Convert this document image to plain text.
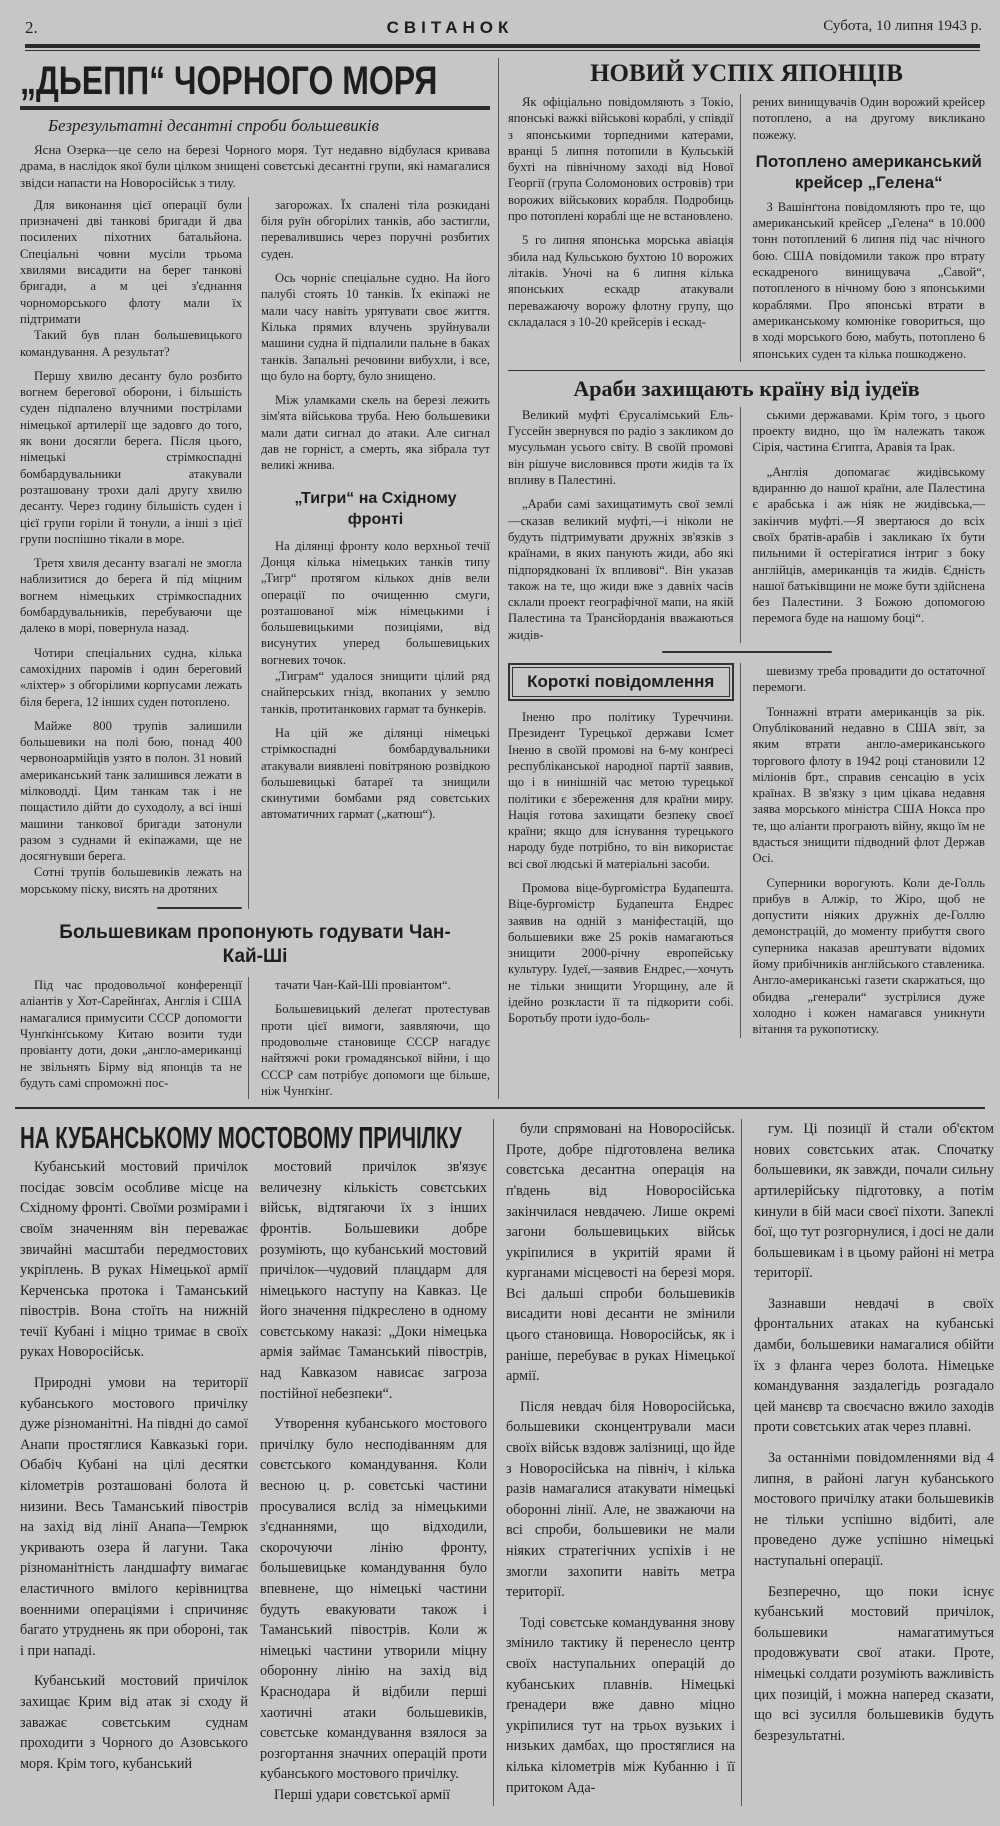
2.	СВІТАНОК	Субота, 10 липня 1943 р.
„ДЬЕПП“ ЧОРНОГО МОРЯ
Безрезультатні десантні спроби большевиків

Ясна Озерка—це село на березі Чорного моря. Тут недавно відбулася кривава драма, в наслідок якої були цілком знищені совєтські десантні групи, які намагалися звідси напасти на Новоросійськ з тилу.

Для виконання цієї операції були призначені дві танкові бригади й два посилених піхотних батальйона. Спеціальні човни мусіли трьома хвилями висадити на берег танкові бригади, а м цеі з'єднання чорноморського флоту мали їх підтримати

Такий був план большевицького командування. А результат?

Першу хвилю десанту було розбито вогнем берегової оборони, і більшість суден підпалено влучними пострілами німецької артилерії ще задовго до того, як вони досягли берега. Після цього, німецькі стрімкоспадні бомбардувальники атакували розташовану трохи далі другу хвилю десанту. Через годину більшість суден і цієї групи горіли й тонули, а інші з цієї групи поспішно тікали в море.

Третя хвиля десанту взагалі не змогла наблизитися до берега й під міцним вогнем німецьких стрімкоспадних бомбардувальників, перебуваючи ще далеко в морі, повернула назад.

Чотири спеціальних судна, кілька самохідних паромів і один береговий «ліхтер» з обгорілими корпусами лежать біля берега, 12 інших суден потоплено.

Майже 800 трупів залишили большевики на полі бою, понад 400 червоноармійців узято в полон. 31 новий американський танк залишився лежати в мілководді. Цим танкам так і не пощастило дійти до суходолу, а всі інші машини танкової бригади затонули разом з суднами й екіпажами, ще не досягнувши берега.

Сотні трупів большевиків лежать на морському піску, висять на дротяних

загорожах. Їх спалені тіла розкидані біля руїн обгорілих танків, або застигли, перевалившись через поручні розбитих суден.

Ось чорніє спеціальне судно. На його палубі стоять 10 танків. Їх екіпажі не мали часу навіть урятувати своє життя. Кілька прямих влучень зруйнували машини судна й підпалили пальне в баках танків. Запальні речовини вибухли, і все, що було на борту, було знищено.

Між уламками скель на березі лежить зім'ята військова труба. Нею большевики мали дати сигнал до атаки. Але сигнал дав не горніст, а смерть, яка зібрала тут великі жнива.

„Тигри“ на Східному фронті

На ділянці фронту коло верхньої течії Донця кілька німецьких танків типу „Тигр“ протягом кількох днів вели операції по очищенню смуги, розташованої між німецькими і большевицькими позиціями, від висунутих уперед большевицьких вогневих точок.

„Тиграм“ удалося знищити цілий ряд снайперських гнізд, вкопаних у землю танків, протитанкових гармат та бункерів.

На цій же ділянці німецькі стрімкоспадні бомбардувальники атакували виявлені повітряною розвідкою большевицькі батареї та знищили скинутими бомбами ряд совєтських автоматичних гармат („катюш“).

Большевикам пропонують годувати Чан-Кай-Ші

Під час продовольчої конференції аліантів у Хот-Сарейнґах, Англія і США намагалися примусити СССР допомогти Чунґкінґському Китаю возити туди провіанту доти, доки „англо-американці не звільнять Бірму від японців та не будуть самі спроможні пос-

тачати Чан-Кай-Ші провіантом“.

Большевицький делеґат протестував проти цієї вимоги, заявляючи, що продовольче становище СССР нагадує найтяжчі роки громадянської війни, і що СССР сам потрібує допомоги ще більше, ніж Чунґкінґ.

НОВИЙ УСПІХ ЯПОНЦІВ

Як офіціально повідомляють з Токіо, японські важкі військові кораблі, у співдії з японськими торпедними катерами, вранці 5 липня потопили в Кульській бухті на північному заході від Нової Георгії (група Соломонових островів) три ворожих військових корабля. Подробиць про потоплені кораблі ще не встановлено.

5 го липня японська морська авіація збила над Кульською бухтою 10 ворожих літаків. Уночі на 6 липня кілька японських ескадр атакували переважаючу ворожу флотну групу, що складалася з 10-20 крейсерів і ескад-

рених винищувачів Один ворожий крейсер потоплено, а на другому викликано пожежу.

Потоплено американський крейсер „Гелена“

З Вашінґтона повідомляють про те, що американський крейсер „Гелена“ в 10.000 тонн потоплений 6 липня під час нічного бою. США повідомили також про втрату ескадреного винищувача „Савой“, потопленого в нічному бою з японськими кораблями. Про японські втрати в американському комюніке говориться, що в ході морського бою, мабуть, потоплено 6 японських суден та кілька пошкоджено.

Араби захищають країну від іудеїв

Великий муфті Єрусалімський Ель-Гуссейн звернувся по радіо з закликом до мусульман усього світу. В своїй промові він рішуче висловився проти жидів та їх впливу в Палестині.

„Араби самі захищатимуть свої землі—сказав великий муфті,—і ніколи не будуть підтримувати дружніх зв'язків з країнами, в яких панують жиди, або які підпорядковані їх впливові“. Він указав також на те, що жиди вже з давніх часів склали проект географічної мапи, на якій Палестина та Трансйорданія вважаються жидів-

ськими державами. Крім того, з цього проекту видно, що їм належать також Сірія, частина Єгипта, Аравія та Ірак.

„Англія допомагає жидівському вдиранню до нашої країни, але Палестина є арабська і аж ніяк не жидівська,—закінчив муфті.—Я звертаюся до всіх своїх братів-арабів і закликаю їх бути пильними й остерігатися інтриг з боку англійців, американців та жидів. Єдність нашої батьківщини не може бути здійснена без Палестини. З Божою допомогою перемога буде на нашому боці“.

Короткі повідомлення

Іненю про політику Туреччини. Президент Турецької держави Ісмет Іненю в своїй промові на 6-му конґресі республіканської народної партії заявив, що і в нинішній час метою турецької політики є збереження для країни миру. Нація готова захищати безпеку своєї країни; якщо для існування турецького народу буде потрібно, то він використає всі свої людські й матеріальні засоби.

Промова віце-бургомістра Будапешта. Віце-бургомістр Будапешта Ендрес заявив на одній з маніфестацій, що большевики вже 25 років намагаються знищити 2000-річну европейську культуру. Іудеї,—заявив Ендрес,—хочуть не тільки знищити Угорщину, але й ідейно розкласти її та підкорити собі. Боротьбу проти іудо-боль-

шевизму треба провадити до остаточної перемоги.

Тоннажні втрати американців за рік. Опублікований недавно в США звіт, за яким втрати англо-американського торгового флоту в 1942 році становили 12 міліонів брт., справив сенсацію в усіх країнах. В зв'язку з цим цікава недавня заява морського міністра США Нокса про те, що аліанти програють війну, якщо їм не вдасться знищити підводний флот Держав Осі.

Суперники ворогують. Коли де-Голль прибув в Алжір, то Жіро, щоб не допустити ніяких дружніх де-Голлю демонстрацій, до моменту прибуття свого суперника наказав арештувати відомих йому прибічників англійського ставленика. Англо-американські газети скаржаться, що обидва „генерали“ зустрілися дуже холодно і кожен намагався уникнути вітання та рукопотиску.

НА КУБАНСЬКОМУ МОСТОВОМУ ПРИЧІЛКУ

Кубанський мостовий причілок посідає зовсім особливе місце на Східному фронті. Своїми розмірами і своїм значенням він переважає звичайні масштаби передмостових укріплень. В руках Німецької армії Керченська протока і Таманський півострів. Вона стоїть на нижній течії Кубані і міцно тримає в своїх руках Новоросійськ.

Природні умови на території кубанського мостового причілку дуже різноманітні. На півдні до самої Анапи простяглися Кавказькі гори. Обабіч Кубані на цілі десятки кілометрів розташовані болота й низини. Весь Таманський півострів на захід від лінії Анапа—Темрюк укривають озера й лагуни. Така різноманітність ландшафту вимагає еластичного вмілого керівництва военними операціями і спричиняє багато утруднень як при обороні, так і при нападі.

Кубанський мостовий причілок захищає Крим від атак зі сходу й заважає совєтським суднам проходити з Чорного до Азовського моря. Крім того, кубанський

мостовий причілок зв'язує величезну кількість совєтських військ, відтягаючи їх з інших фронтів. Большевики добре розуміють, що кубанський мостовий причілок—чудовий плацдарм для німецького наступу на Кавказ. Це його значення підкреслено в одному совєтському наказі: „Доки німецька армія займає Таманський півострів, над Кавказом нависає загроза постійної небезпеки“.

Утворення кубанського мостового причілку було несподіванням для совєтського командування. Коли весною ц. р. совєтські частини просувалися вслід за німецькими з'єднаннями, що відходили, скорочуючи лінію фронту, большевицьке командування було впевнене, що німецькі частини будуть евакуювати також і Таманський півострів. Коли ж німецькі частини утворили міцну оборонну лінію на захід від Краснодара й відбили перші хаотичні атаки большевиків, совєтське командування взялося за розгортання значних операцій проти кубанського мостового причілку.

Перші удари совєтської армії

були спрямовані на Новоросійськ. Проте, добре підготовлена велика совєтська десантна операція на п'вдень від Новоросійська закінчилася невдачею. Лише окремі загони большевицьких військ укріпилися в укритій ярами й курганами місцевості на березі моря. Всі дальші спроби большевиків висадити нові десанти не змінили цього становища. Новоросійськ, як і раніше, перебуває в руках Німецької армії.

Після невдач біля Новоросійська, большевики сконцентрували маси своїх військ вздовж залізниці, що йде з Новоросійська на північ, і кілька разів намагалися атакувати німецькі оборонні лінії. Але, не зважаючи на всі спроби, большевики не мали ніяких стратегічних успіхів і не змогли захопити навіть метра території.

Тоді совєтське командування знову змінило тактику й перенесло центр своїх наступальних операцій до кубанських плавнів. Німецькі ґренадери вже давно міцно укріпилися тут на трьох вузьких і низьких дамбах, що простяглися на кілька кілометрів між Кубанню і її притоком Ада-

гум. Ці позиції й стали об'єктом нових совєтських атак. Спочатку большевики, як завжди, почали сильну артилерійську підготовку, а потім кинули в бій маси своєї піхоти. Запеклі бої, що тут розгорнулися, і досі не дали большевикам і в цьому районі ні метра території.

Зазнавши невдачі в своїх фронтальних атаках на кубанські дамби, большевики намагалися обійти їх з фланга через болота. Німецьке командування заздалегідь розгадало цей манєвр та своєчасно вжило заходів проти совєтських атак через плавні.

За останніми повідомленнями від 4 липня, в районі лагун кубанського мостового причілку атаки большевиків не тільки успішно відбиті, але проведено дуже успішно німецькі наступальні операції.

Безперечно, що поки існує кубанський мостовий причілок, большевики намагатимуться продовжувати свої атаки. Проте, німецькі солдати розуміють важливість цих позицій, і можна наперед сказати, що всі зусилля большевиків будуть безрезультатні.
